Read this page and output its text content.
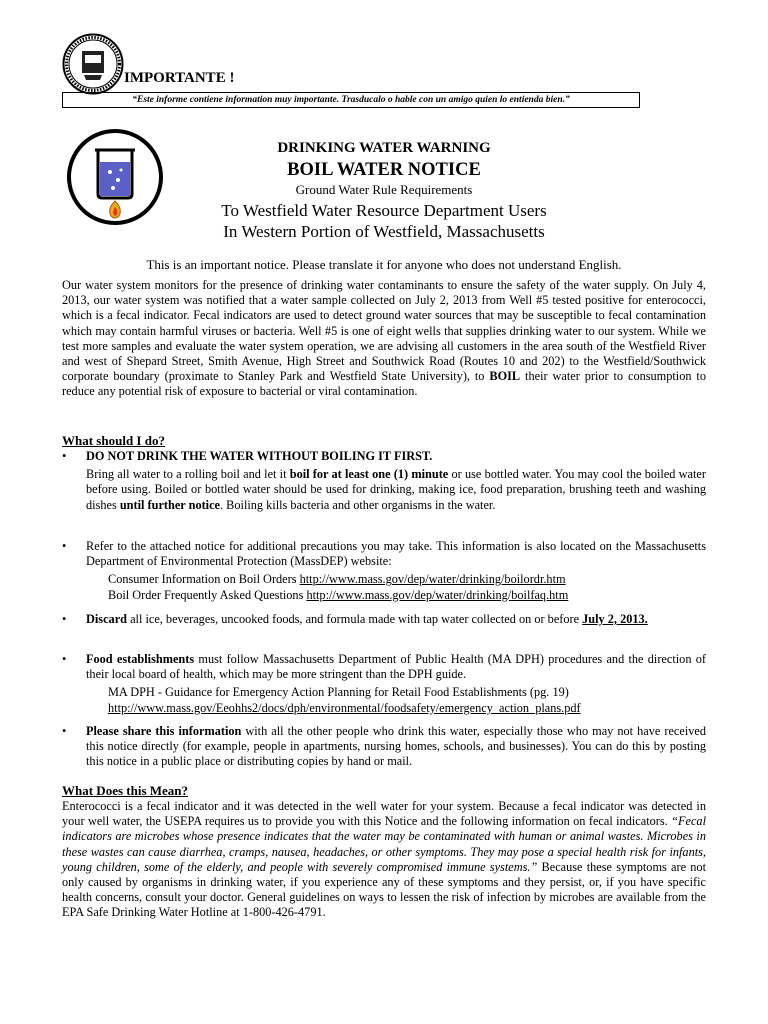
IMPORTANTE !
“Este informe contiene information muy importante. Trasducalo o hable con un amigo quien lo entienda bien.”
DRINKING WATER WARNING
BOIL WATER NOTICE
Ground Water Rule Requirements
To Westfield Water Resource Department Users
In Western Portion of Westfield, Massachusetts
This is an important notice. Please translate it for anyone who does not understand English.
Our water system monitors for the presence of drinking water contaminants to ensure the safety of the water supply. On July 4, 2013, our water system was notified that a water sample collected on July 2, 2013 from Well #5 tested positive for enterococci, which is a fecal indicator. Fecal indicators are used to detect ground water sources that may be susceptible to fecal contamination which may contain harmful viruses or bacteria. Well #5 is one of eight wells that supplies drinking water to our system. While we test more samples and evaluate the water system operation, we are advising all customers in the area south of the Westfield River and west of Shepard Street, Smith Avenue, High Street and Southwick Road (Routes 10 and 202) to the Westfield/Southwick corporate boundary (proximate to Stanley Park and Westfield State University), to BOIL their water prior to consumption to reduce any potential risk of exposure to bacterial or viral contamination.
What should I do?
• DO NOT DRINK THE WATER WITHOUT BOILING IT FIRST.
Bring all water to a rolling boil and let it boil for at least one (1) minute or use bottled water. You may cool the boiled water before using. Boiled or bottled water should be used for drinking, making ice, food preparation, brushing teeth and washing dishes until further notice. Boiling kills bacteria and other organisms in the water.
• Refer to the attached notice for additional precautions you may take. This information is also located on the Massachusetts Department of Environmental Protection (MassDEP) website:
Consumer Information on Boil Orders http://www.mass.gov/dep/water/drinking/boilordr.htm
Boil Order Frequently Asked Questions http://www.mass.gov/dep/water/drinking/boilfaq.htm
• Discard all ice, beverages, uncooked foods, and formula made with tap water collected on or before July 2, 2013.
• Food establishments must follow Massachusetts Department of Public Health (MA DPH) procedures and the direction of their local board of health, which may be more stringent than the DPH guide.
MA DPH - Guidance for Emergency Action Planning for Retail Food Establishments (pg. 19)
http://www.mass.gov/Eeohhs2/docs/dph/environmental/foodsafety/emergency_action_plans.pdf
• Please share this information with all the other people who drink this water, especially those who may not have received this notice directly (for example, people in apartments, nursing homes, schools, and businesses). You can do this by posting this notice in a public place or distributing copies by hand or mail.
What Does this Mean?
Enterococci is a fecal indicator and it was detected in the well water for your system. Because a fecal indicator was detected in your well water, the USEPA requires us to provide you with this Notice and the following information on fecal indicators. “Fecal indicators are microbes whose presence indicates that the water may be contaminated with human or animal wastes. Microbes in these wastes can cause diarrhea, cramps, nausea, headaches, or other symptoms. They may pose a special health risk for infants, young children, some of the elderly, and people with severely compromised immune systems.” Because these symptoms are not only caused by organisms in drinking water, if you experience any of these symptoms and they persist, or, if you have specific health concerns, consult your doctor. General guidelines on ways to lessen the risk of infection by microbes are available from the EPA Safe Drinking Water Hotline at 1-800-426-4791.
